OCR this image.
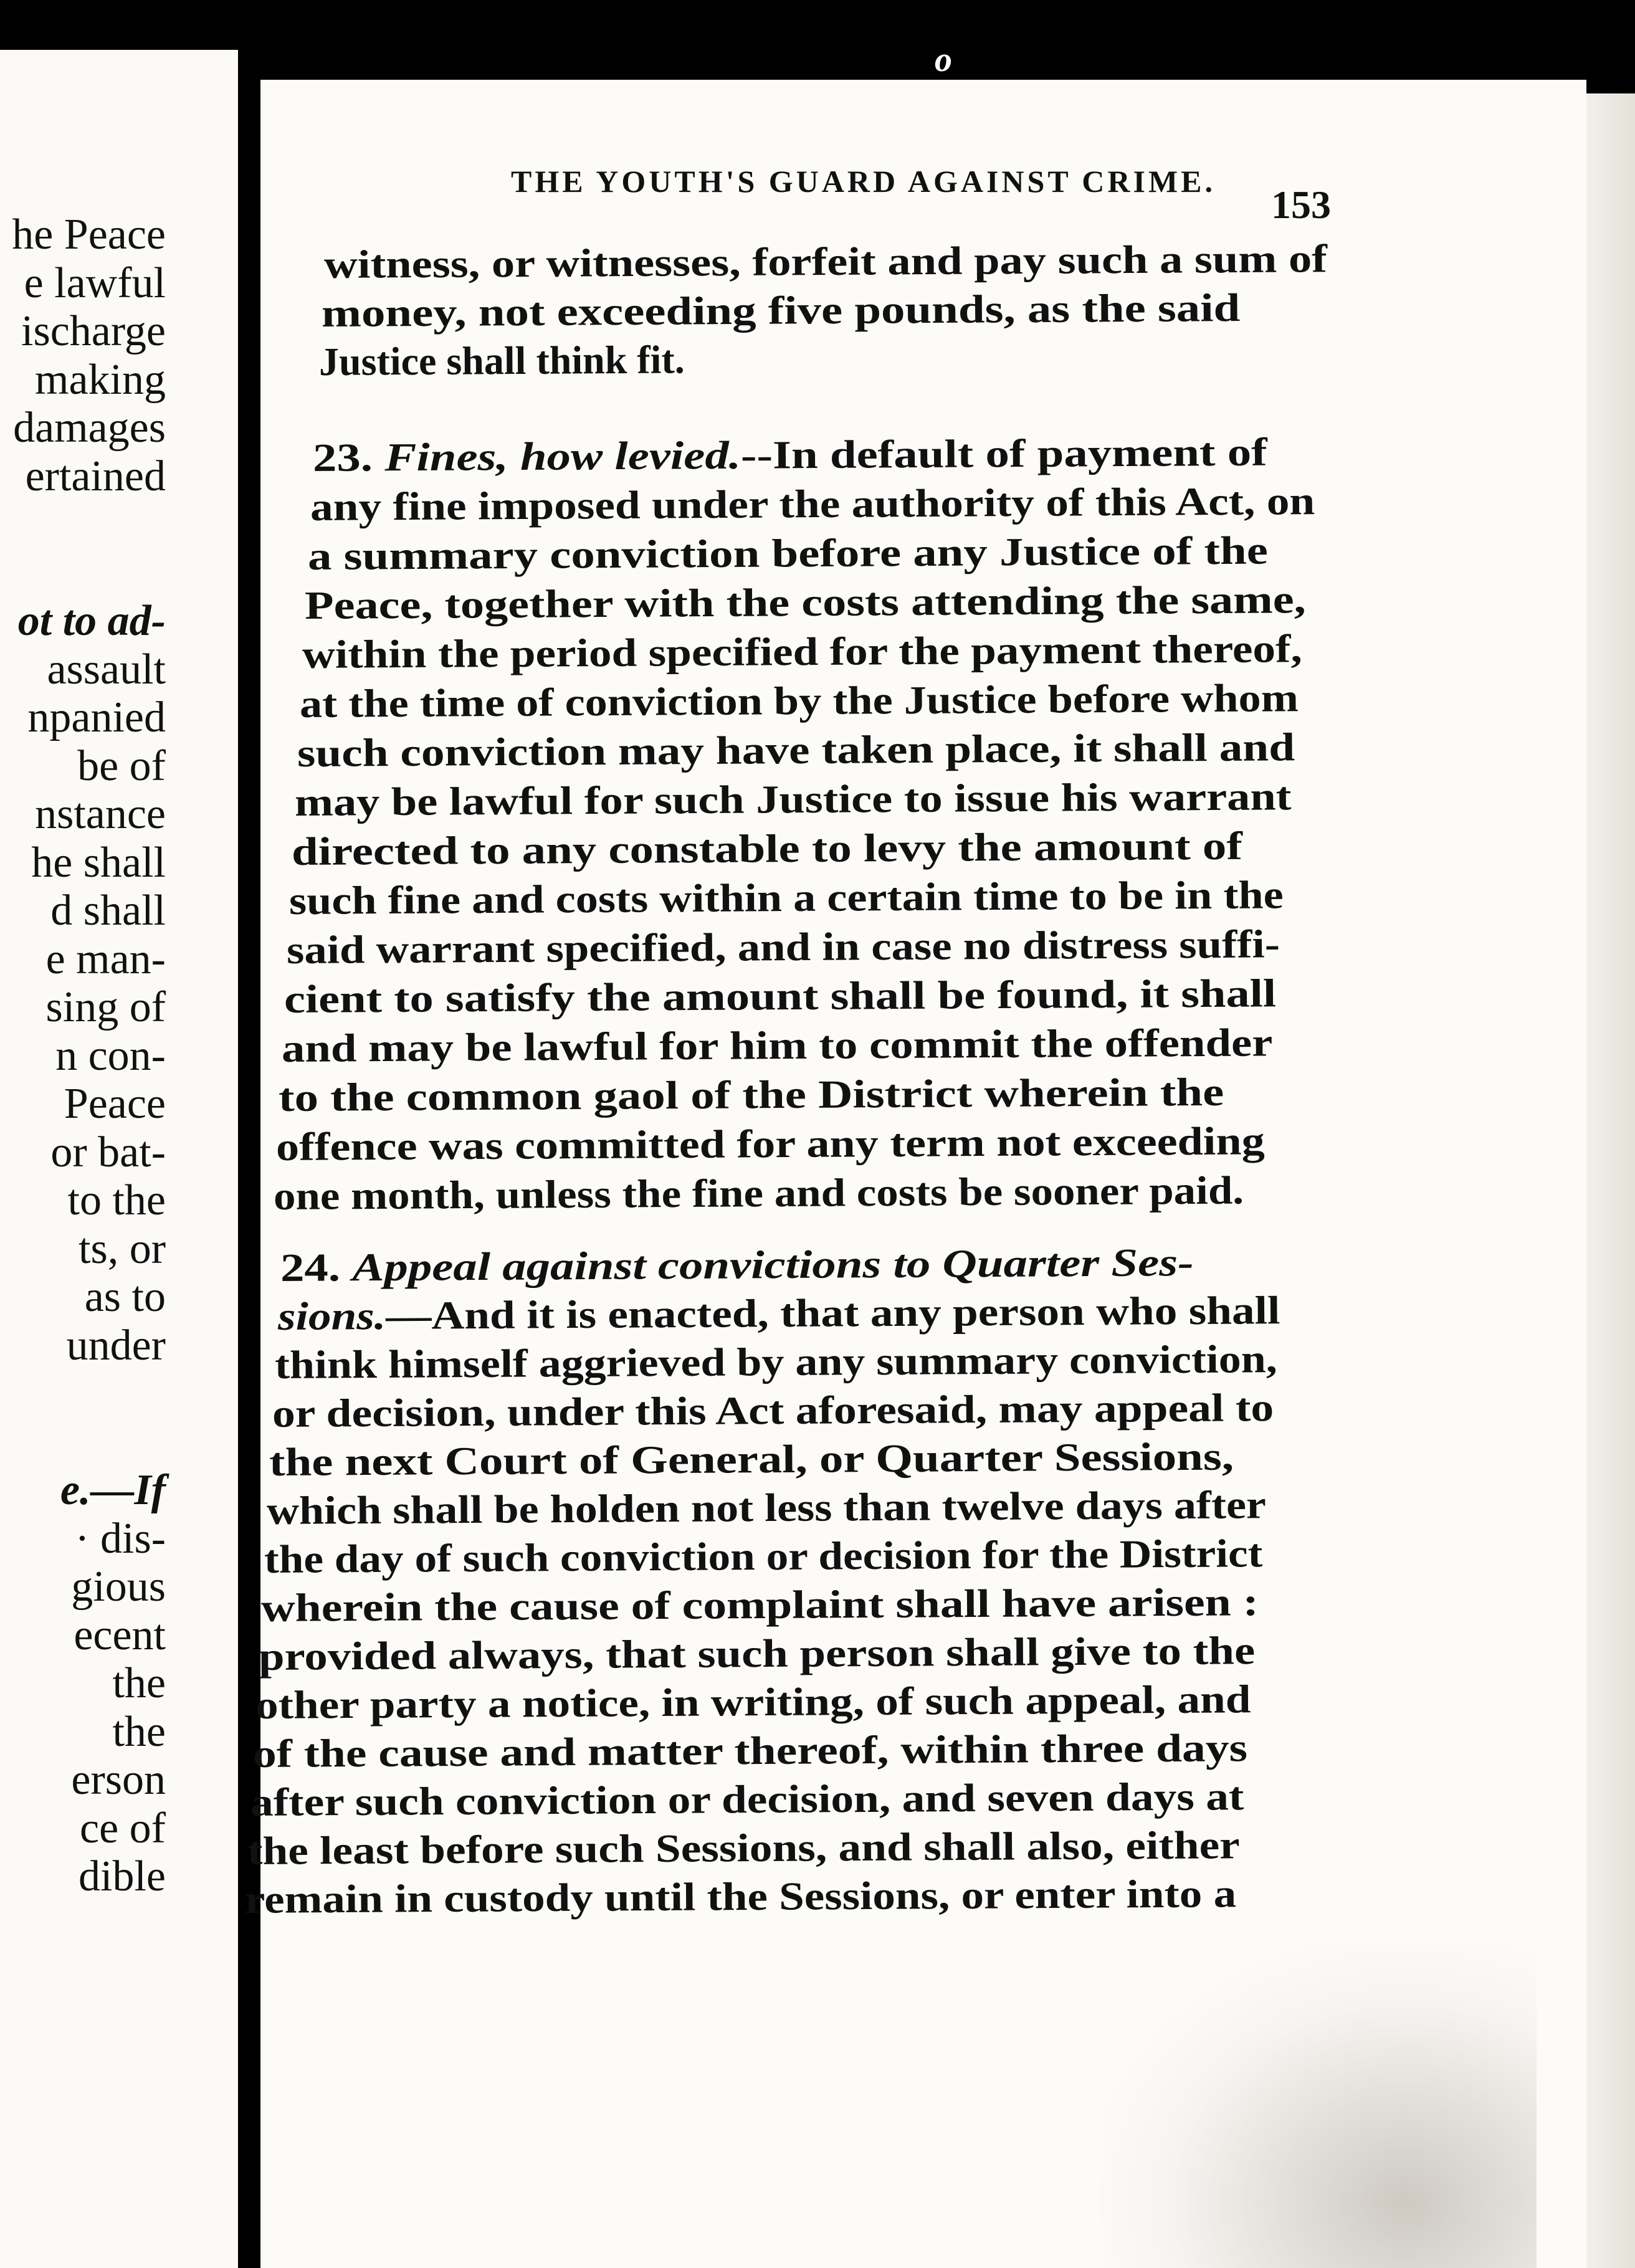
o
he Peace
e lawful
ischarge
making
damages
ertained
ot to ad-
assault
npanied
be of
nstance
he shall
d shall
e man-
sing of
n con-
Peace
or bat-
to the
ts, or
as to
under
e.—If
· dis-
gious
ecent
the
the
erson
ce of
dible
THE YOUTH'S GUARD AGAINST CRIME.
153
witness, or witnesses, forfeit and pay such a sum of
money, not exceeding five pounds, as the said
Justice shall think fit.
23. Fines, how levied.--In default of payment of
any fine imposed under the authority of this Act, on
a summary conviction before any Justice of the
Peace, together with the costs attending the same,
within the period specified for the payment thereof,
at the time of conviction by the Justice before whom
such conviction may have taken place, it shall and
may be lawful for such Justice to issue his warrant
directed to any constable to levy the amount of
such fine and costs within a certain time to be in the
said warrant specified, and in case no distress suffi-
cient to satisfy the amount shall be found, it shall
and may be lawful for him to commit the offender
to the common gaol of the District wherein the
offence was committed for any term not exceeding
one month, unless the fine and costs be sooner paid.
24. Appeal against convictions to Quarter Ses-
sions.—And it is enacted, that any person who shall
think himself aggrieved by any summary conviction,
or decision, under this Act aforesaid, may appeal to
the next Court of General, or Quarter Sessions,
which shall be holden not less than twelve days after
the day of such conviction or decision for the District
wherein the cause of complaint shall have arisen :
provided always, that such person shall give to the
other party a notice, in writing, of such appeal, and
of the cause and matter thereof, within three days
after such conviction or decision, and seven days at
the least before such Sessions, and shall also, either
remain in custody until the Sessions, or enter into a
